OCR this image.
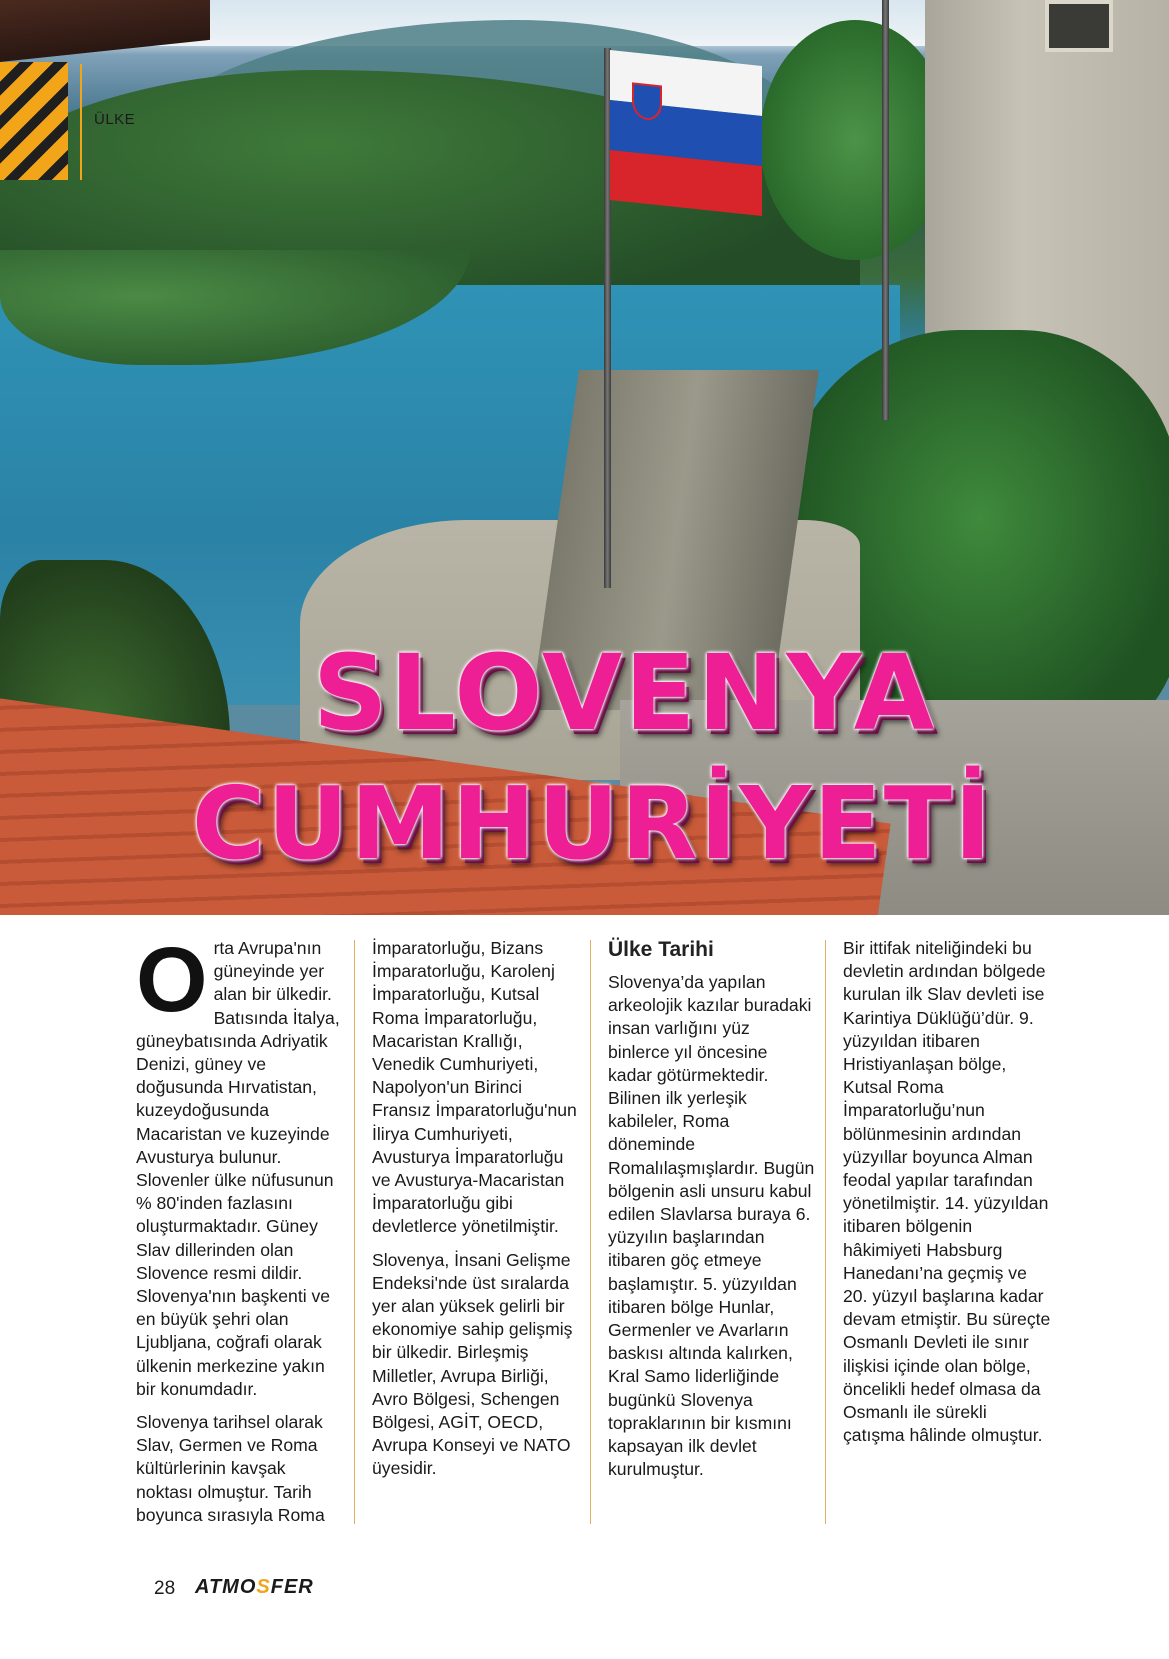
ÜLKE
SLOVENYA
CUMHURİYETİ

Orta Avrupa'nın güneyinde yer alan bir ülkedir. Batısında İtalya, güneybatısında Adriyatik Denizi, güney ve doğusunda Hırvatistan, kuzeydoğusunda Macaristan ve kuzeyinde Avusturya bulunur. Slovenler ülke nüfusunun % 80'inden fazlasını oluşturmaktadır. Güney Slav dillerinden olan Slovence resmi dildir. Slovenya'nın başkenti ve en büyük şehri olan Ljubljana, coğrafi olarak ülkenin merkezine yakın bir konumdadır.

Slovenya tarihsel olarak Slav, Germen ve Roma kültürlerinin kavşak noktası olmuştur. Tarih boyunca sırasıyla Roma

İmparatorluğu, Bizans İmparatorluğu, Karolenj İmparatorluğu, Kutsal Roma İmparatorluğu, Macaristan Krallığı, Venedik Cumhuriyeti, Napolyon'un Birinci Fransız İmparatorluğu'nun İlirya Cumhuriyeti, Avusturya İmparatorluğu ve Avusturya-Macaristan İmparatorluğu gibi devletlerce yönetilmiştir.

Slovenya, İnsani Gelişme Endeksi'nde üst sıralarda yer alan yüksek gelirli bir ekonomiye sahip gelişmiş bir ülkedir. Birleşmiş Milletler, Avrupa Birliği, Avro Bölgesi, Schengen Bölgesi, AGİT, OECD, Avrupa Konseyi ve NATO üyesidir.

Ülke Tarihi

Slovenya’da yapılan arkeolojik kazılar buradaki insan varlığını yüz binlerce yıl öncesine kadar götürmektedir. Bilinen ilk yerleşik kabileler, Roma döneminde Romalılaşmışlardır. Bugün bölgenin asli unsuru kabul edilen Slavlarsa buraya 6. yüzyılın başlarından itibaren göç etmeye başlamıştır. 5. yüzyıldan itibaren bölge Hunlar, Germenler ve Avarların baskısı altında kalırken, Kral Samo liderliğinde bugünkü Slovenya topraklarının bir kısmını kapsayan ilk devlet kurulmuştur.

Bir ittifak niteliğindeki bu devletin ardından bölgede kurulan ilk Slav devleti ise Karintiya Düklüğü’dür. 9. yüzyıldan itibaren Hristiyanlaşan bölge, Kutsal Roma İmparatorluğu’nun bölünmesinin ardından yüzyıllar boyunca Alman feodal yapılar tarafından yönetilmiştir. 14. yüzyıldan itibaren bölgenin hâkimiyeti Habsburg Hanedanı’na geçmiş ve 20. yüzyıl başlarına kadar devam etmiştir. Bu süreçte Osmanlı Devleti ile sınır ilişkisi içinde olan bölge, öncelikli hedef olmasa da Osmanlı ile sürekli çatışma hâlinde olmuştur.

28 ATMOSFER
